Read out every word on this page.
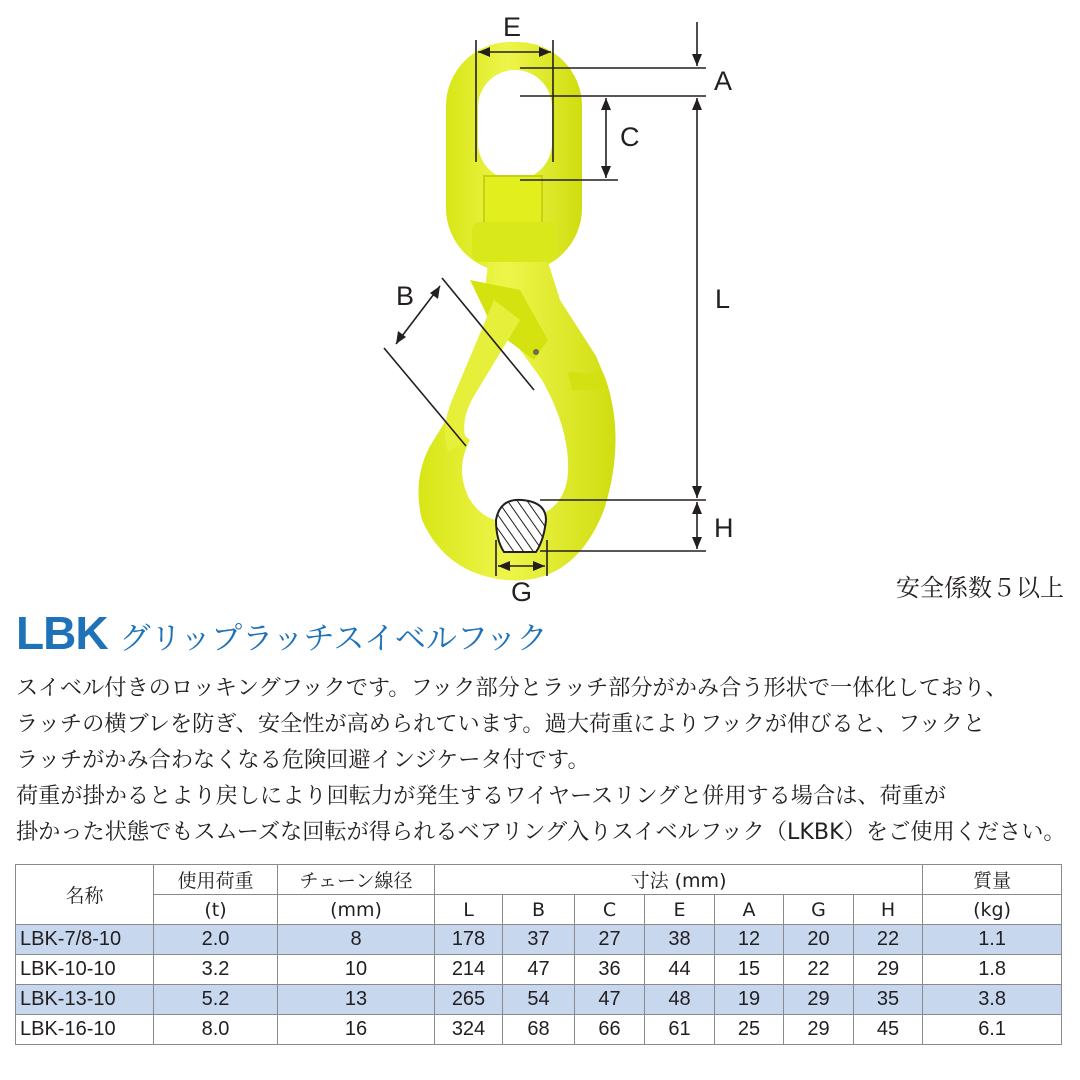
E
A
C
B	L
H
G	安全係数５以上
LBK グリップラッチスイベルフック

スイベル付きのロッキングフックです。フック部分とラッチ部分がかみ合う形状で一体化しており、

ラッチの横ブレを防ぎ、安全性が高められています。過大荷重によりフックが伸びると、フックと

ラッチがかみ合わなくなる危険回避インジケータ付です。

荷重が掛かるとより戻しにより回転力が発生するワイヤースリングと併用する場合は、荷重が

掛かった状態でもスムーズな回転が得られるベアリング入りスイベルフック（LKBK）をご使用ください。

名称	使用荷重	チェーン線径	寸法 (mm)							質量
	(t)	(mm)	L	B	C	E	A	G	H	(kg)
LBK-7/8-10	2.0	8	178	37	27	38	12	20	22	1.1
LBK-10-10	3.2	10	214	47	36	44	15	22	29	1.8
LBK-13-10	5.2	13	265	54	47	48	19	29	35	3.8
LBK-16-10	8.0	16	324	68	66	61	25	29	45	6.1
